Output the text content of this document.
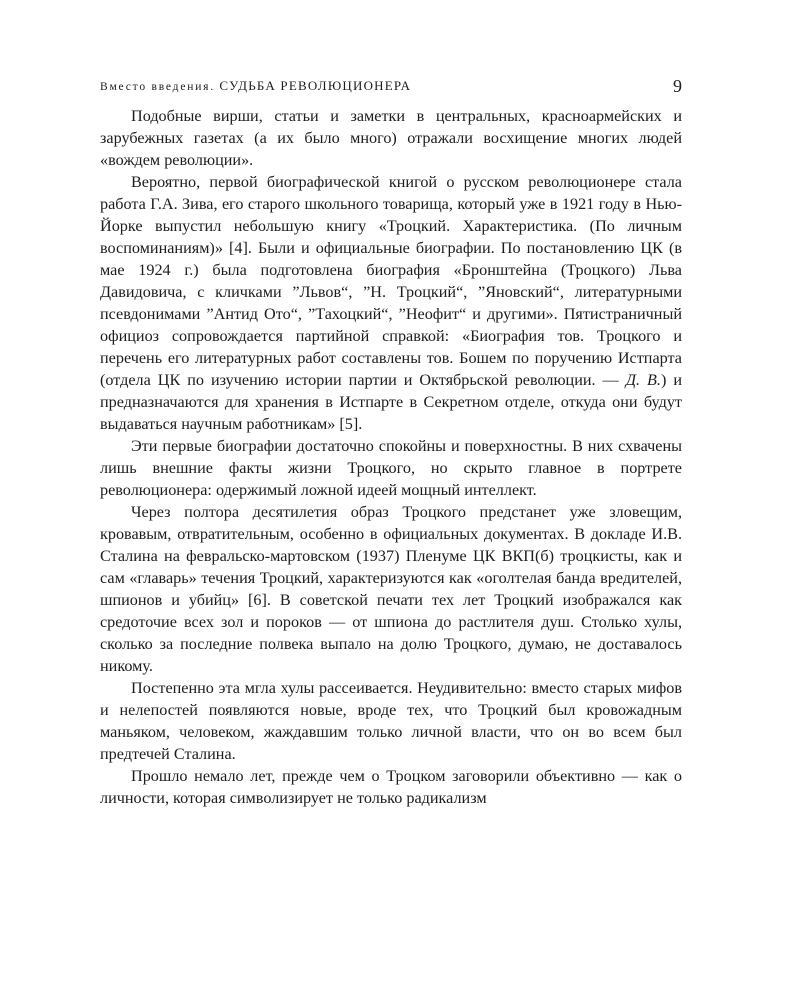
Вместо введения. СУДЬБА РЕВОЛЮЦИОНЕРА	9

Подобные вирши, статьи и заметки в центральных, красноармейских и зарубежных газетах (а их было много) отражали восхищение многих людей «вождем революции».

Вероятно, первой биографической книгой о русском революционере стала работа Г.А. Зива, его старого школьного товарища, который уже в 1921 году в Нью-Йорке выпустил небольшую книгу «Троцкий. Характеристика. (По личным воспоминаниям)» [4]. Были и официальные биографии. По постановлению ЦК (в мае 1924 г.) была подготовлена биография «Бронштейна (Троцкого) Льва Давидовича, с кличками ”Львов“, ”Н. Троцкий“, ”Яновский“, литературными псевдонимами ”Антид Ото“, ”Тахоцкий“, ”Неофит“ и другими». Пятистраничный официоз сопровождается партийной справкой: «Биография тов. Троцкого и перечень его литературных работ составлены тов. Бошем по поручению Истпарта (отдела ЦК по изучению истории партии и Октябрьской революции. — Д. В.) и предназначаются для хранения в Истпарте в Секретном отделе, откуда они будут выдаваться научным работникам» [5].

Эти первые биографии достаточно спокойны и поверхностны. В них схвачены лишь внешние факты жизни Троцкого, но скрыто главное в портрете революционера: одержимый ложной идеей мощный интеллект.

Через полтора десятилетия образ Троцкого предстанет уже зловещим, кровавым, отвратительным, особенно в официальных документах. В докладе И.В. Сталина на февральско-мартовском (1937) Пленуме ЦК ВКП(б) троцкисты, как и сам «главарь» течения Троцкий, характеризуются как «оголтелая банда вредителей, шпионов и убийц» [6]. В советской печати тех лет Троцкий изображался как средоточие всех зол и пороков — от шпиона до растлителя душ. Столько хулы, сколько за последние полвека выпало на долю Троцкого, думаю, не доставалось никому.

Постепенно эта мгла хулы рассеивается. Неудивительно: вместо старых мифов и нелепостей появляются новые, вроде тех, что Троцкий был кровожадным маньяком, человеком, жаждавшим только личной власти, что он во всем был предтечей Сталина.

Прошло немало лет, прежде чем о Троцком заговорили объективно — как о личности, которая символизирует не только радикализм
